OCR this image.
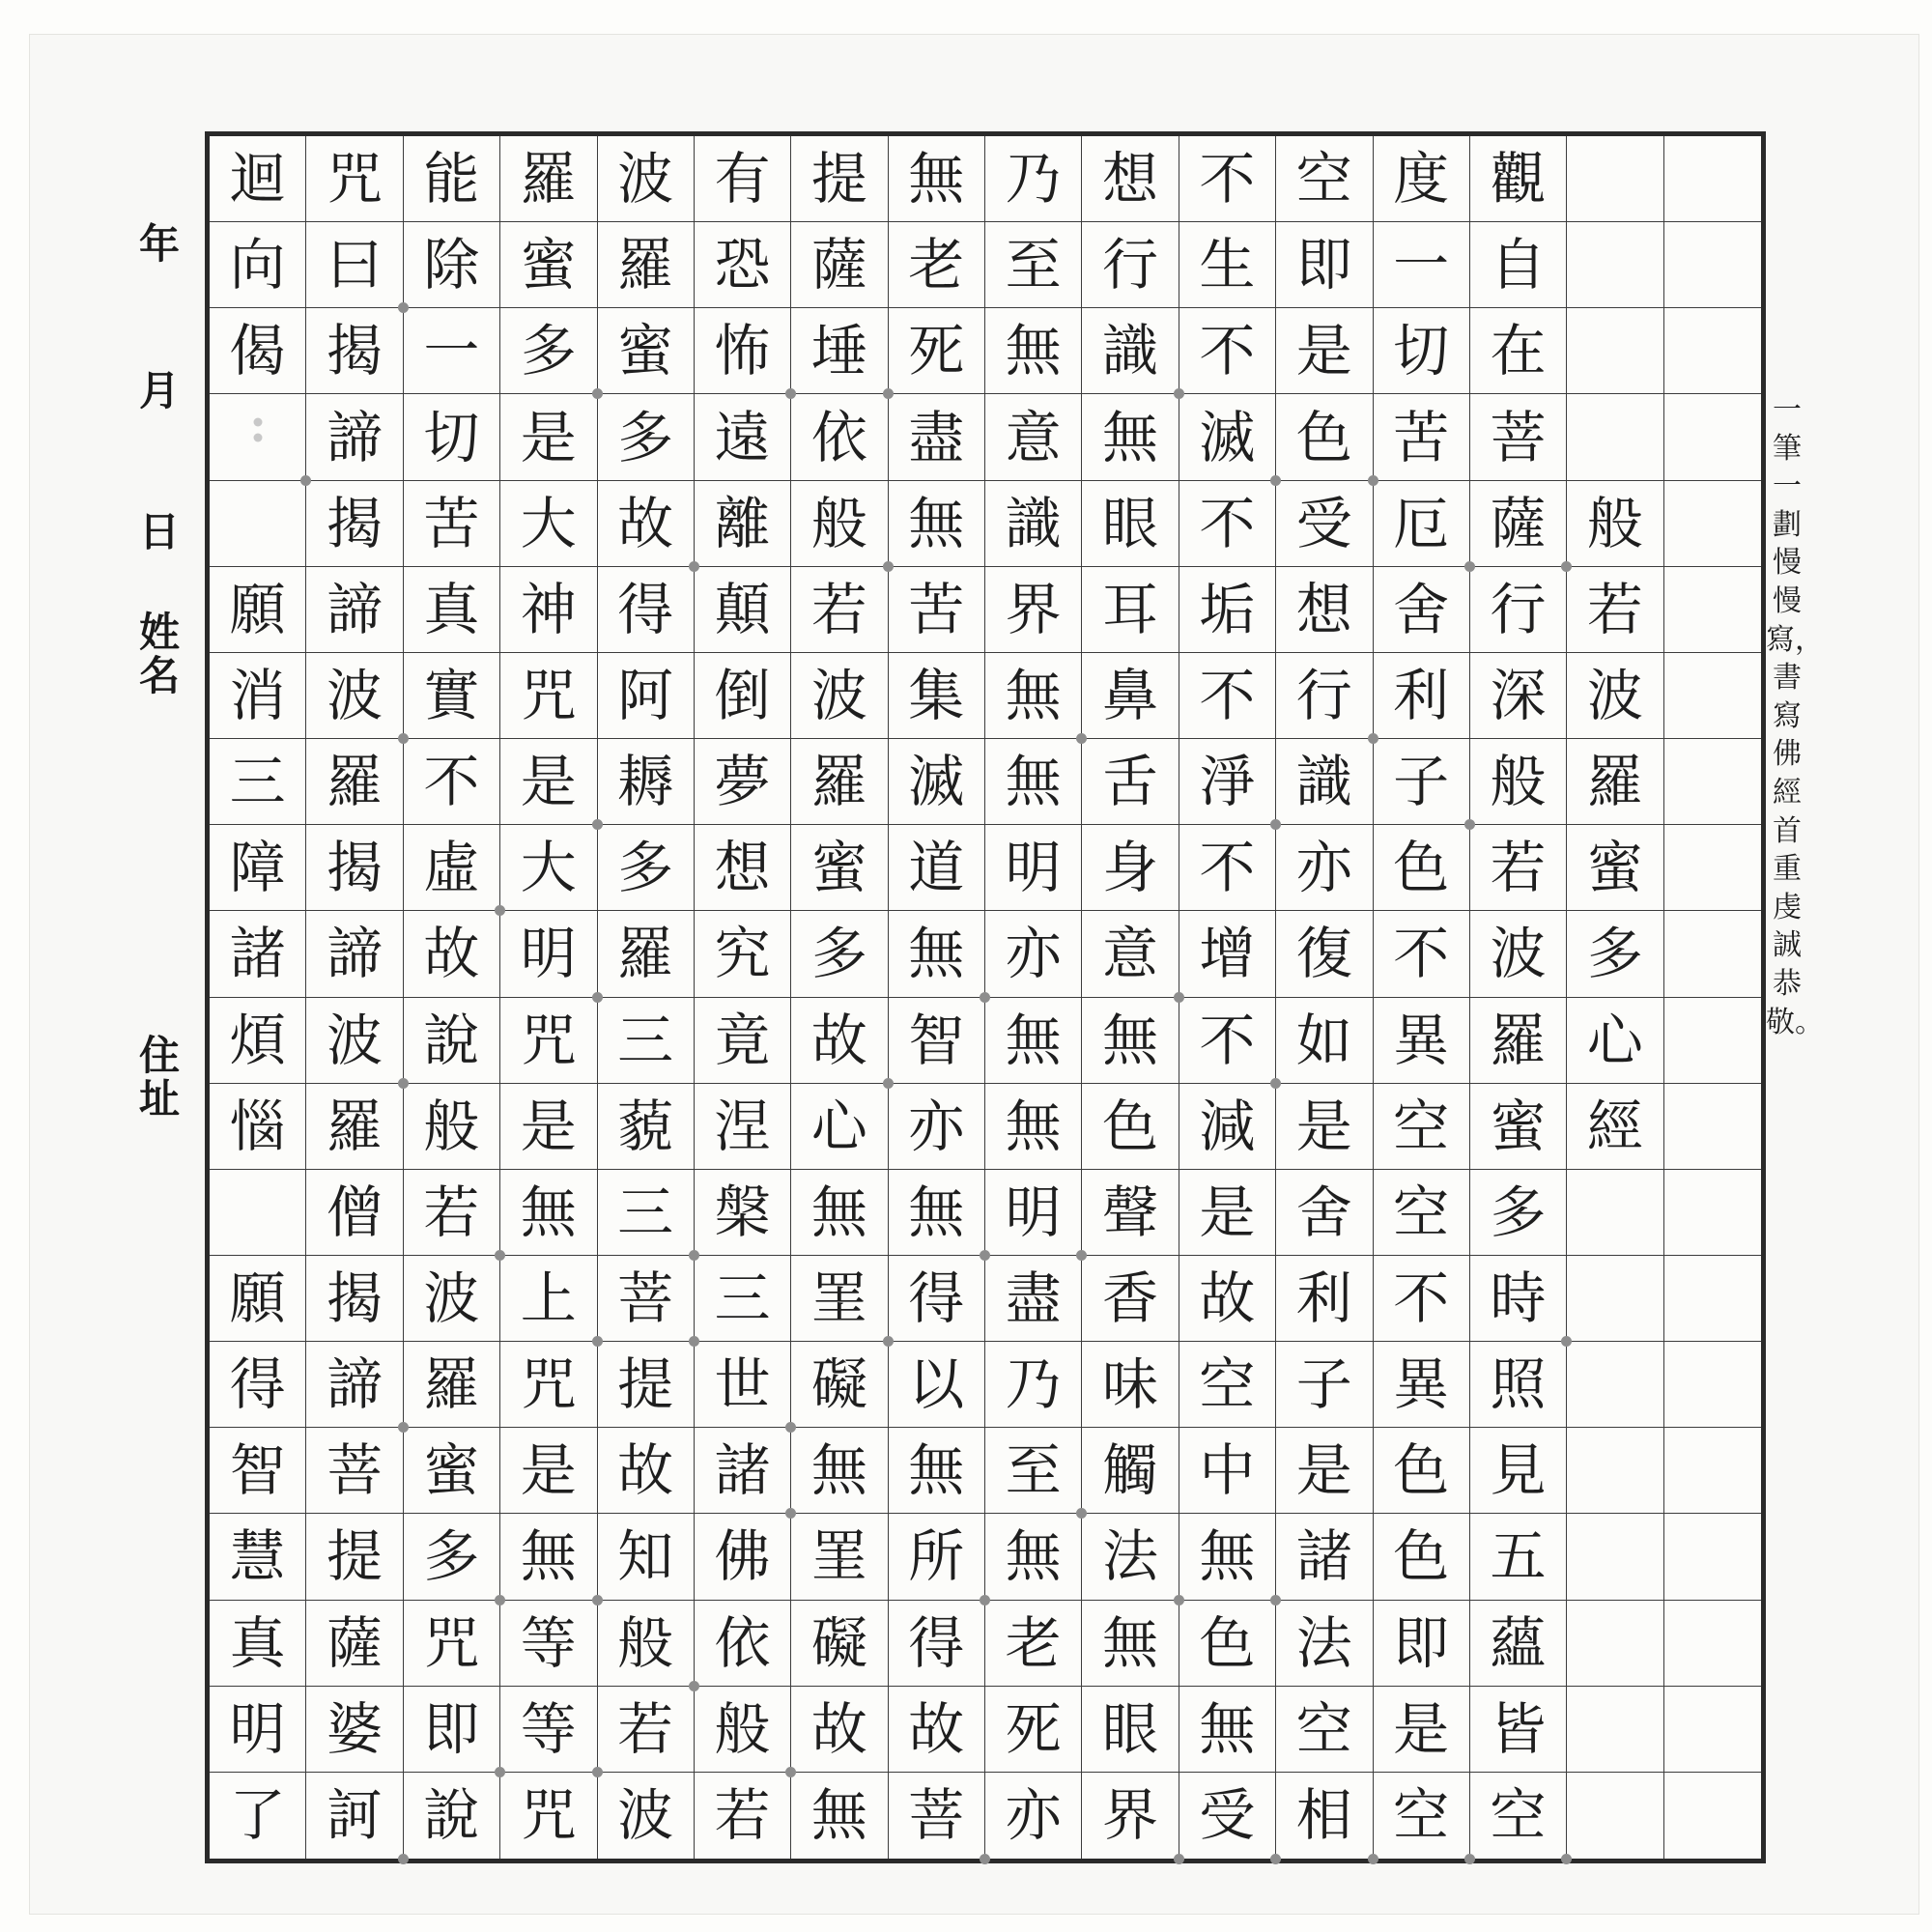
年
月
日
姓名
住址
迴 咒 能 羅 波 有 提 無 乃 想 不 空 度 觀
向 曰 除 蜜 羅 恐 薩 老 至 行 生 即 一 自
偈 揭 一 多 蜜 怖 埵 死 無 識 不 是 切 在
諦 切 是 多 遠 依 盡 意 無 滅 色 苦 菩
揭 苦 大 故 離 般 無 識 眼 不 受 厄 薩 般
願 諦 真 神 得 顛 若 苦 界 耳 垢 想 舍 行 若
消 波 實 咒 阿 倒 波 集 無 鼻 不 行 利 深 波
三 羅 不 是 耨 夢 羅 滅 無 舌 淨 識 子 般 羅
障 揭 虛 大 多 想 蜜 道 明 身 不 亦 色 若 蜜
諸 諦 故 明 羅 究 多 無 亦 意 增 復 不 波 多
煩 波 說 咒 三 竟 故 智 無 無 不 如 異 羅 心
惱 羅 般 是 藐 涅 心 亦 無 色 減 是 空 蜜 經
僧 若 無 三 槃 無 無 明 聲 是 舍 空 多
願 揭 波 上 菩 三 罣 得 盡 香 故 利 不 時
得 諦 羅 咒 提 世 礙 以 乃 味 空 子 異 照
智 菩 蜜 是 故 諸 無 無 至 觸 中 是 色 見
慧 提 多 無 知 佛 罣 所 無 法 無 諸 色 五
真 薩 咒 等 般 依 礙 得 老 無 色 法 即 蘊
明 婆 即 等 若 般 故 故 死 眼 無 空 是 皆
了 訶 說 咒 波 若 無 菩 亦 界 受 相 空 空
一筆一劃慢慢寫，書寫佛經首重虔誠恭敬。
